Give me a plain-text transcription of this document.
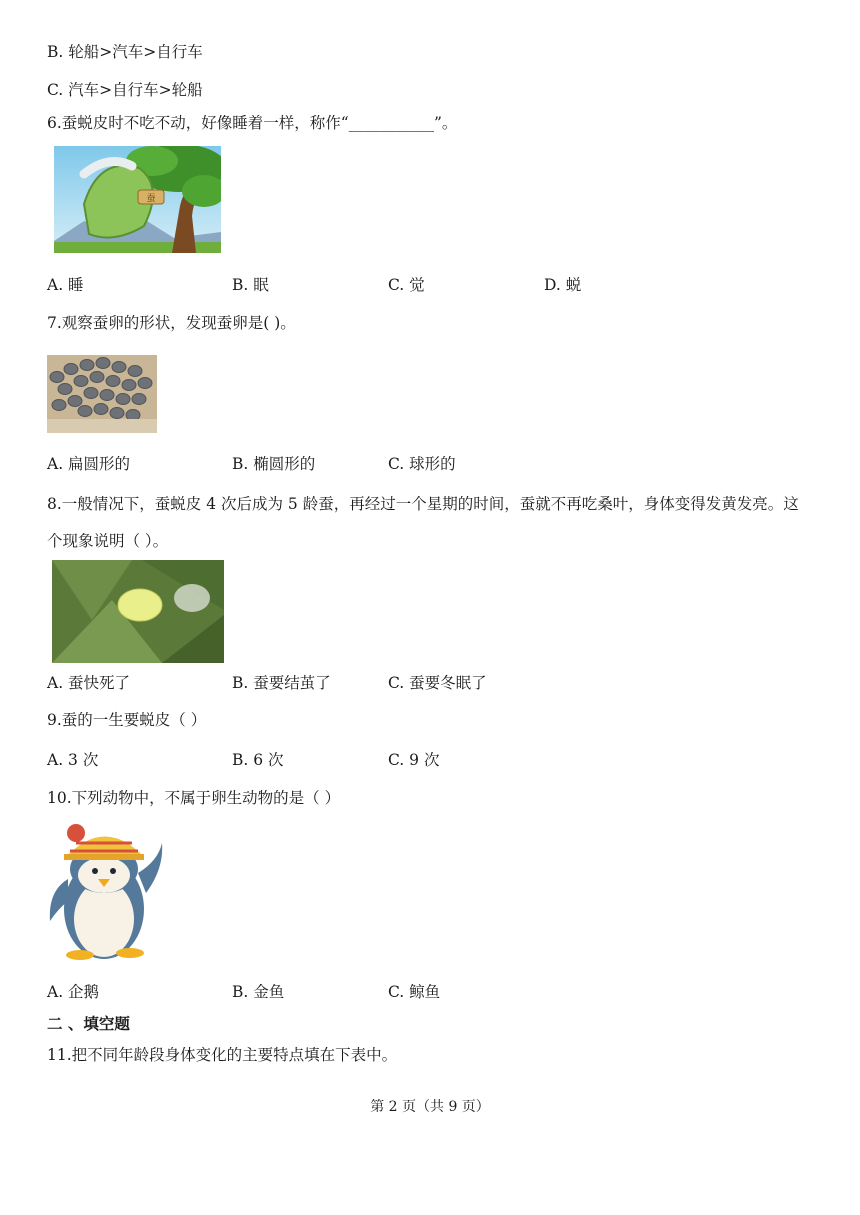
B. 轮船>汽车>自行车
C. 汽车>自行车>轮船
6.蚕蜕皮时不吃不动，好像睡着一样，称作“___________”。
蚕
A. 睡	B. 眠	C. 觉	D. 蜕
7.观察蚕卵的形状，发现蚕卵是( )。
A. 扁圆形的	B. 椭圆形的	C. 球形的
8.一般情况下，蚕蜕皮 4 次后成为 5 龄蚕，再经过一个星期的时间，蚕就不再吃桑叶，身体变得发黄发亮。这个现象说明（ ）。
A. 蚕快死了	B. 蚕要结茧了	C. 蚕要冬眠了
9.蚕的一生要蜕皮（ ）
A. 3 次	B. 6 次	C. 9 次
10.下列动物中，不属于卵生动物的是（ ）
A. 企鹅	B. 金鱼	C. 鲸鱼
二 、填空题
11.把不同年龄段身体变化的主要特点填在下表中。
第 2 页（共 9 页）
